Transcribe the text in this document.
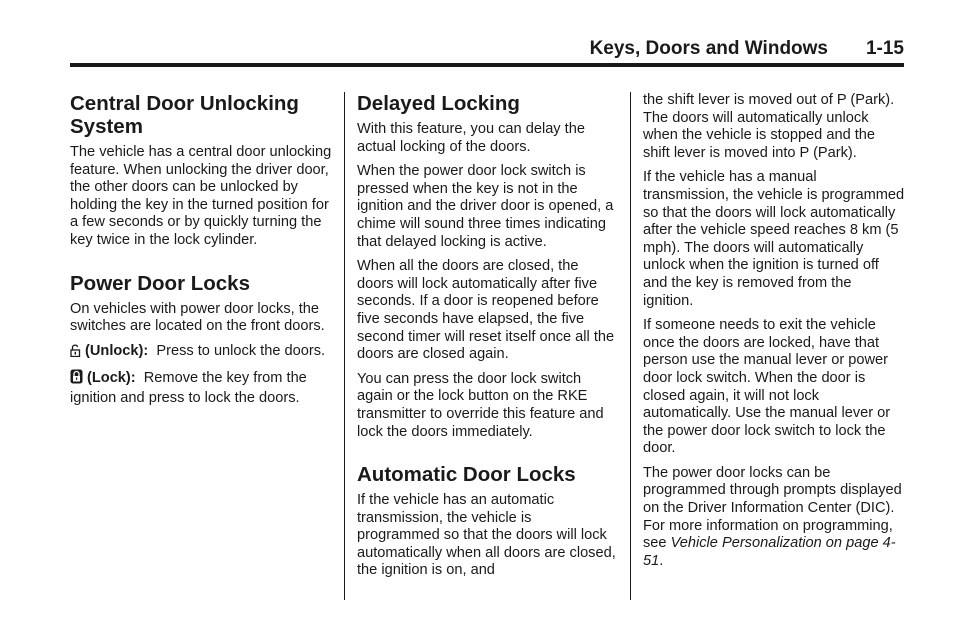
Keys, Doors and Windows 1-15
Central Door Unlocking System

The vehicle has a central door unlocking feature. When unlocking the driver door, the other doors can be unlocked by holding the key in the turned position for a few seconds or by quickly turning the key twice in the lock cylinder.

Power Door Locks

On vehicles with power door locks, the switches are located on the front doors.

(Unlock): Press to unlock the doors.

(Lock): Remove the key from the ignition and press to lock the doors.

Delayed Locking

With this feature, you can delay the actual locking of the doors.

When the power door lock switch is pressed when the key is not in the ignition and the driver door is opened, a chime will sound three times indicating that delayed locking is active.

When all the doors are closed, the doors will lock automatically after five seconds. If a door is reopened before five seconds have elapsed, the five second timer will reset itself once all the doors are closed again.

You can press the door lock switch again or the lock button on the RKE transmitter to override this feature and lock the doors immediately.

Automatic Door Locks

If the vehicle has an automatic transmission, the vehicle is programmed so that the doors will lock automatically when all doors are closed, the ignition is on, and

the shift lever is moved out of P (Park). The doors will automatically unlock when the vehicle is stopped and the shift lever is moved into P (Park).

If the vehicle has a manual transmission, the vehicle is programmed so that the doors will lock automatically after the vehicle speed reaches 8 km (5 mph). The doors will automatically unlock when the ignition is turned off and the key is removed from the ignition.

If someone needs to exit the vehicle once the doors are locked, have that person use the manual lever or power door lock switch. When the door is closed again, it will not lock automatically. Use the manual lever or the power door lock switch to lock the door.

The power door locks can be programmed through prompts displayed on the Driver Information Center (DIC). For more information on programming, see Vehicle Personalization on page 4-51.
